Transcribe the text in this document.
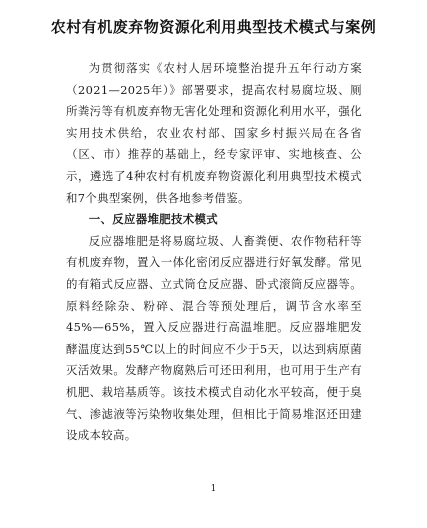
农村有机废弃物资源化利用典型技术模式与案例

为贯彻落实《农村人居环境整治提升五年行动方案（2021—2025年）》部署要求，提高农村易腐垃圾、厕所粪污等有机废弃物无害化处理和资源化利用水平，强化实用技术供给，农业农村部、国家乡村振兴局在各省（区、市）推荐的基础上，经专家评审、实地核查、公示，遴选了4种农村有机废弃物资源化利用典型技术模式和7个典型案例，供各地参考借鉴。

一、反应器堆肥技术模式

反应器堆肥是将易腐垃圾、人畜粪便、农作物秸秆等有机废弃物，置入一体化密闭反应器进行好氧发酵。常见的有箱式反应器、立式筒仓反应器、卧式滚筒反应器等。原料经除杂、粉碎、混合等预处理后，调节含水率至45%—65%，置入反应器进行高温堆肥。反应器堆肥发酵温度达到55℃以上的时间应不少于5天，以达到病原菌灭活效果。发酵产物腐熟后可还田利用，也可用于生产有机肥、栽培基质等。该技术模式自动化水平较高，便于臭气、渗滤液等污染物收集处理，但相比于简易堆沤还田建设成本较高。

1
